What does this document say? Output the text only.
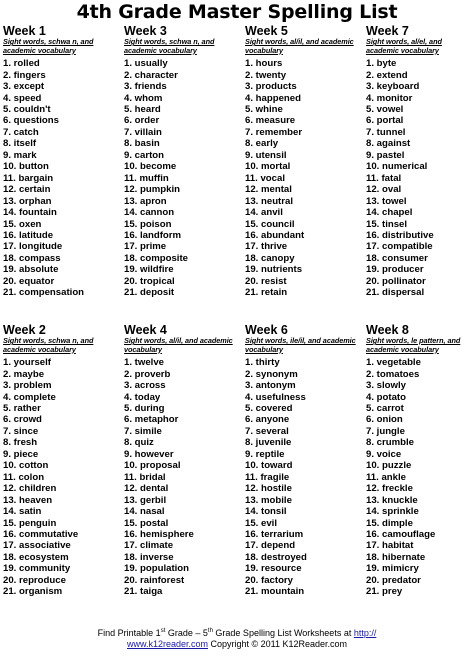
4th Grade Master Spelling List
Week 1

Sight words, schwa n, and academic vocabulary

1. rolled
2. fingers
3. except
4. speed
5. couldn't
6. questions
7. catch
8. itself
9. mark
10. button
11. bargain
12. certain
13. orphan
14. fountain
15. oxen
16. latitude
17. longitude
18. compass
19. absolute
20. equator
21. compensation
Week 3

Sight words, schwa n, and academic vocabulary

1. usually
2. character
3. friends
4. whom
5. heard
6. order
7. villain
8. basin
9. carton
10. become
11. muffin
12. pumpkin
13. apron
14. cannon
15. poison
16. landform
17. prime
18. composite
19. wildfire
20. tropical
21. deposit
Week 5

Sight words, al/il, and academic vocabulary

1. hours
2. twenty
3. products
4. happened
5. whine
6. measure
7. remember
8. early
9. utensil
10. mortal
11. vocal
12. mental
13. neutral
14. anvil
15. council
16. abundant
17. thrive
18. canopy
19. nutrients
20. resist
21. retain
Week 7

Sight words, al/el, and academic vocabulary

1. byte
2. extend
3. keyboard
4. monitor
5. vowel
6. portal
7. tunnel
8. against
9. pastel
10. numerical
11. fatal
12. oval
13. towel
14. chapel
15. tinsel
16. distributive
17. compatible
18. consumer
19. producer
20. pollinator
21. dispersal
Week 2

Sight words, schwa n, and academic vocabulary

1. yourself
2. maybe
3. problem
4. complete
5. rather
6. crowd
7. since
8. fresh
9. piece
10. cotton
11. colon
12. children
13. heaven
14. satin
15. penguin
16. commutative
17. associative
18. ecosystem
19. community
20. reproduce
21. organism
Week 4

Sight words, al/il, and academic vocabulary

1. twelve
2. proverb
3. across
4. today
5. during
6. metaphor
7. simile
8. quiz
9. however
10. proposal
11. bridal
12. dental
13. gerbil
14. nasal
15. postal
16. hemisphere
17. climate
18. inverse
19. population
20. rainforest
21. taiga
Week 6

Sight words, ile/il, and academic vocabulary

1. thirty
2. synonym
3. antonym
4. usefulness
5. covered
6. anyone
7. several
8. juvenile
9. reptile
10. toward
11. fragile
12. hostile
13. mobile
14. tonsil
15. evil
16. terrarium
17. depend
18. destroyed
19. resource
20. factory
21. mountain
Week 8

Sight words, le pattern, and academic vocabulary

1. vegetable
2. tomatoes
3. slowly
4. potato
5. carrot
6. onion
7. jungle
8. crumble
9. voice
10. puzzle
11. ankle
12. freckle
13. knuckle
14. sprinkle
15. dimple
16. camouflage
17. habitat
18. hibernate
19. mimicry
20. predator
21. prey
Find Printable 1st Grade – 5th Grade Spelling List Worksheets at http://
www.k12reader.com Copyright © 2011 K12Reader.com
